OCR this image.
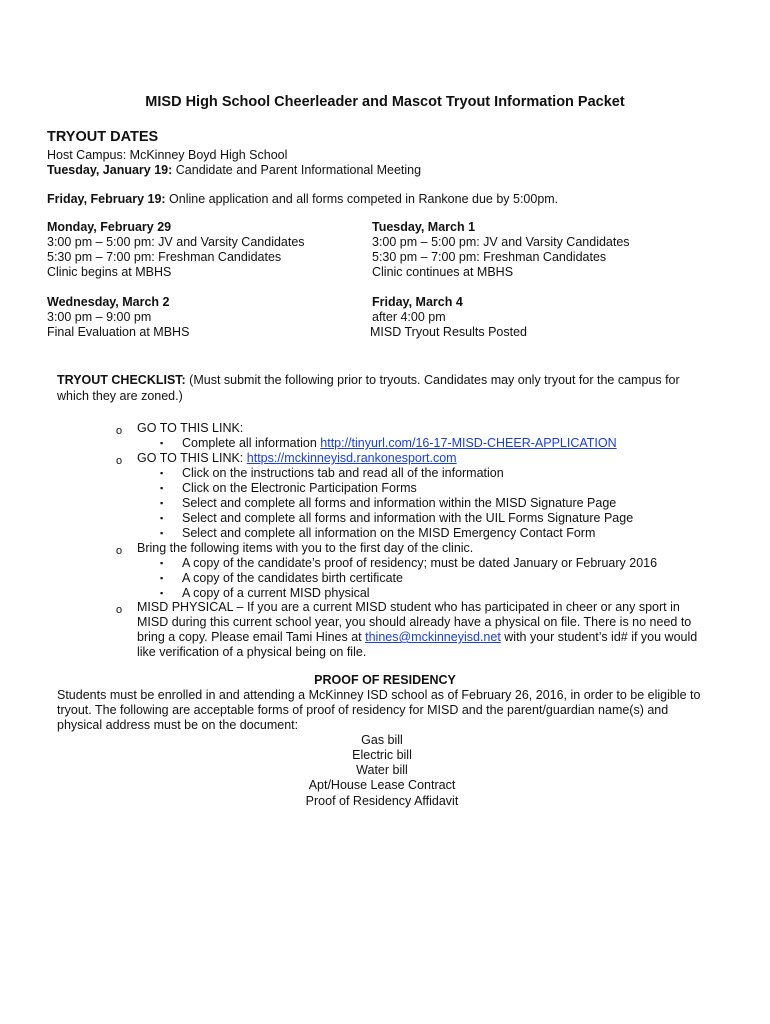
MISD High School Cheerleader and Mascot Tryout Information Packet
TRYOUT DATES
Host Campus: McKinney Boyd High School
Tuesday, January 19: Candidate and Parent Informational Meeting
Friday, February 19: Online application and all forms competed in Rankone due by 5:00pm.
Monday, February 29
3:00 pm – 5:00 pm: JV and Varsity Candidates
5:30 pm – 7:00 pm: Freshman Candidates
Clinic begins at MBHS
Tuesday, March 1
3:00 pm – 5:00 pm: JV and Varsity Candidates
5:30 pm – 7:00 pm: Freshman Candidates
Clinic continues at MBHS
Wednesday, March 2
3:00 pm – 9:00 pm
Final Evaluation at MBHS
Friday, March 4
after 4:00 pm
MISD Tryout Results Posted
TRYOUT CHECKLIST: (Must submit the following prior to tryouts. Candidates may only tryout for the campus for
which they are zoned.)
o GO TO THIS LINK:
▪ Complete all information http://tinyurl.com/16-17-MISD-CHEER-APPLICATION
o GO TO THIS LINK: https://mckinneyisd.rankonesport.com
▪ Click on the instructions tab and read all of the information
▪ Click on the Electronic Participation Forms
▪ Select and complete all forms and information within the MISD Signature Page
▪ Select and complete all forms and information with the UIL Forms Signature Page
▪ Select and complete all information on the MISD Emergency Contact Form
o Bring the following items with you to the first day of the clinic.
▪ A copy of the candidate’s proof of residency; must be dated January or February 2016
▪ A copy of the candidates birth certificate
▪ A copy of a current MISD physical
o MISD PHYSICAL – If you are a current MISD student who has participated in cheer or any sport in
MISD during this current school year, you should already have a physical on file. There is no need to
bring a copy. Please email Tami Hines at thines@mckinneyisd.net with your student’s id# if you would
like verification of a physical being on file.
PROOF OF RESIDENCY
Students must be enrolled in and attending a McKinney ISD school as of February 26, 2016, in order to be eligible to
tryout. The following are acceptable forms of proof of residency for MISD and the parent/guardian name(s) and
physical address must be on the document:
Gas bill
Electric bill
Water bill
Apt/House Lease Contract
Proof of Residency Affidavit
